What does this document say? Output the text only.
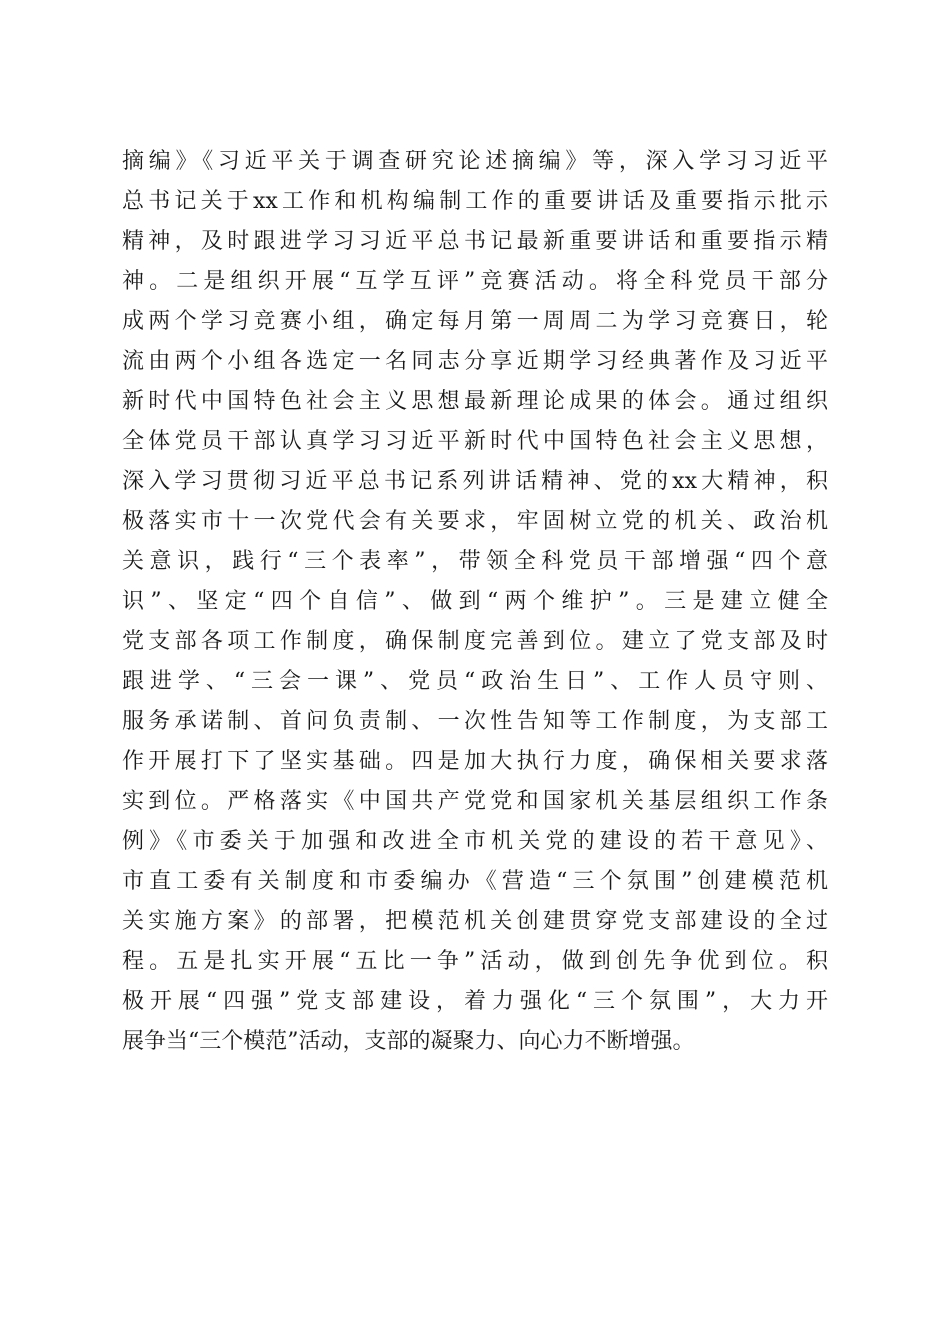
摘编》《习近平关于调查研究论述摘编》等，深入学习习近平
总书记关于xx工作和机构编制工作的重要讲话及重要指示批示
精神，及时跟进学习习近平总书记最新重要讲话和重要指示精
神。二是组织开展“互学互评”竞赛活动。将全科党员干部分
成两个学习竞赛小组，确定每月第一周周二为学习竞赛日，轮
流由两个小组各选定一名同志分享近期学习经典著作及习近平
新时代中国特色社会主义思想最新理论成果的体会。通过组织
全体党员干部认真学习习近平新时代中国特色社会主义思想，
深入学习贯彻习近平总书记系列讲话精神、党的xx大精神，积
极落实市十一次党代会有关要求，牢固树立党的机关、政治机
关意识，践行“三个表率”，带领全科党员干部增强“四个意
识”、坚定“四个自信”、做到“两个维护”。三是建立健全
党支部各项工作制度，确保制度完善到位。建立了党支部及时
跟进学、“三会一课”、党员“政治生日”、工作人员守则、
服务承诺制、首问负责制、一次性告知等工作制度，为支部工
作开展打下了坚实基础。四是加大执行力度，确保相关要求落
实到位。严格落实《中国共产党党和国家机关基层组织工作条
例》《市委关于加强和改进全市机关党的建设的若干意见》、
市直工委有关制度和市委编办《营造“三个氛围”创建模范机
关实施方案》的部署，把模范机关创建贯穿党支部建设的全过
程。五是扎实开展“五比一争”活动，做到创先争优到位。积
极开展“四强”党支部建设，着力强化“三个氛围”，大力开
展争当“三个模范”活动，支部的凝聚力、向心力不断增强。
